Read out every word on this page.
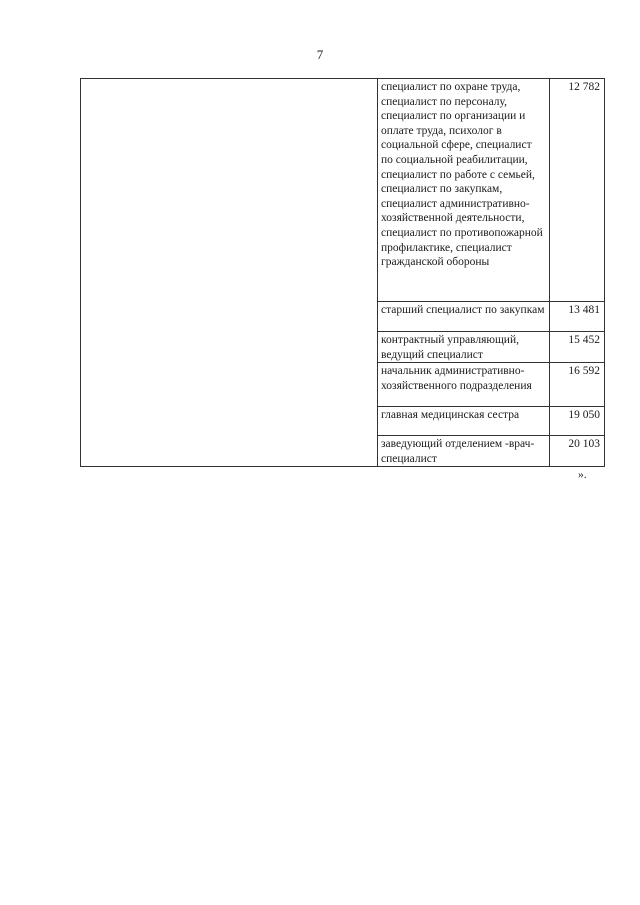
7
	специалист по охране труда, специалист по персоналу, специалист по организации и оплате труда, психолог в социальной сфере, специалист по социальной реабилитации, специалист по работе с семьей, специалист по закупкам, специалист административно-хозяйственной деятельности, специалист по противопожарной профилактике, специалист гражданской обороны	12 782
	старший специалист по закупкам	13 481
	контрактный управляющий, ведущий специалист	15 452
	начальник административно-хозяйственного подразделения	16 592
	главная медицинская сестра	19 050
	заведующий отделением -врач-специалист	20 103
».
